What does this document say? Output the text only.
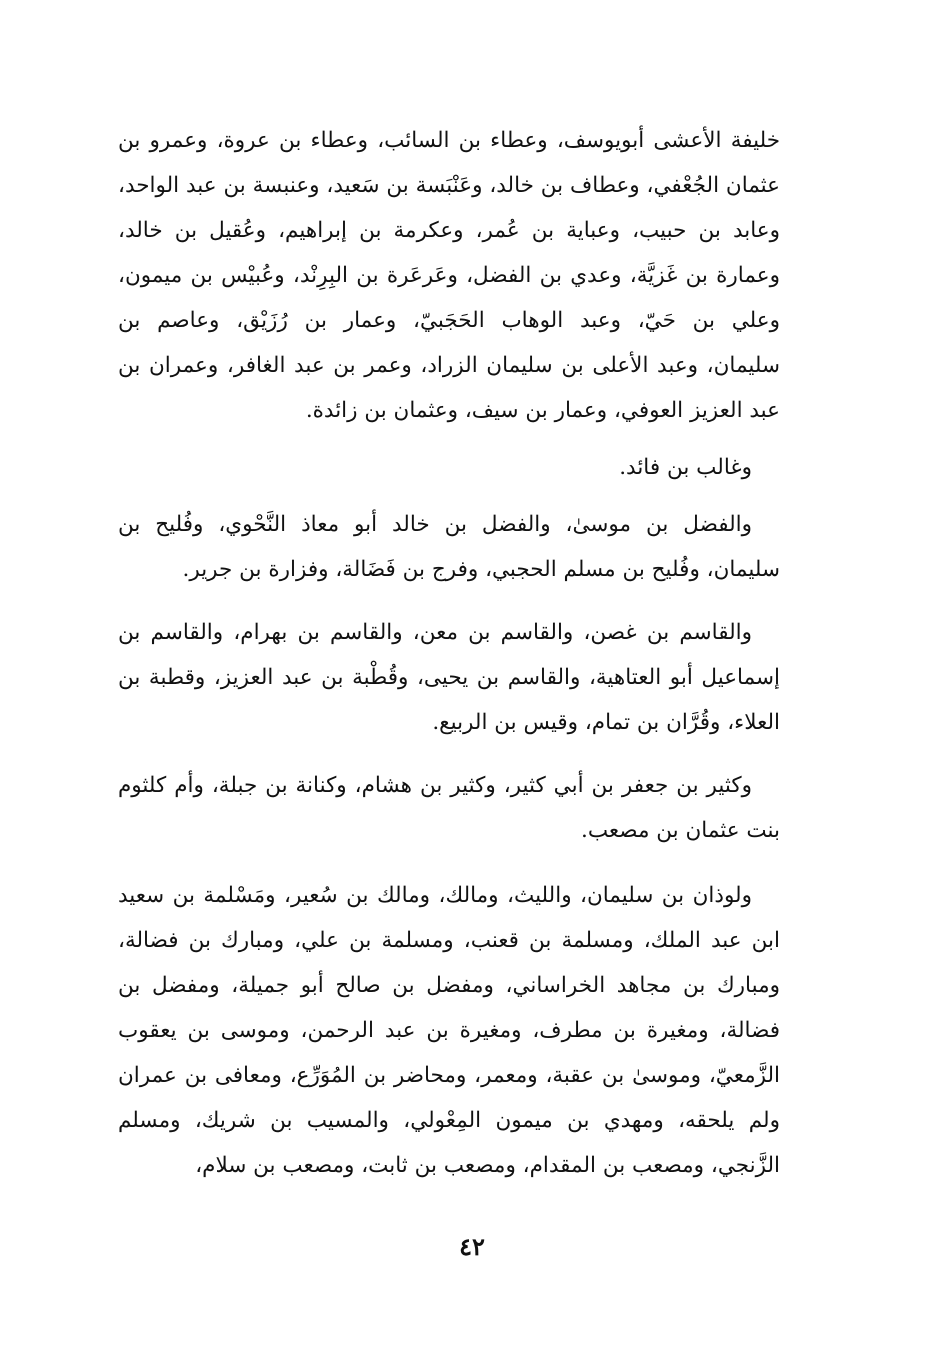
خليفة الأعشى أبويوسف، وعطاء بن السائب، وعطاء بن عروة، وعمرو بن
عثمان الجُعْفي، وعطاف بن خالد، وعَنْبَسة بن سَعيد، وعنبسة بن عبد الواحد،
وعابد بن حبيب، وعباية بن عُمر، وعكرمة بن إبراهيم، وعُقيل بن خالد،
وعمارة بن غَزيَّة، وعدي بن الفضل، وعَرعَرة بن البِرِنْد، وعُبيْس بن ميمون،
وعلي بن حَيّ، وعبد الوهاب الحَجَبيّ، وعمار بن رُزَيْق، وعاصم بن
سليمان، وعبد الأعلى بن سليمان الزراد، وعمر بن عبد الغافر، وعمران بن
عبد العزيز العوفي، وعمار بن سيف، وعثمان بن زائدة.

وغالب بن فائد.

والفضل بن موسىٰ، والفضل بن خالد أبو معاذ النَّحْوي، وفُليح بن
سليمان، وفُليح بن مسلم الحجبي، وفرج بن فَضَالة، وفزارة بن جرير.

والقاسم بن غصن، والقاسم بن معن، والقاسم بن بهرام، والقاسم بن
إسماعيل أبو العتاهية، والقاسم بن يحيى، وقُطْبة بن عبد العزيز، وقطبة بن
العلاء، وقُرَّان بن تمام، وقيس بن الربيع.

وكثير بن جعفر بن أبي كثير، وكثير بن هشام، وكنانة بن جبلة، وأم كلثوم
بنت عثمان بن مصعب.

ولوذان بن سليمان، والليث، ومالك، ومالك بن سُعير، ومَسْلمة بن سعيد
ابن عبد الملك، ومسلمة بن قعنب، ومسلمة بن علي، ومبارك بن فضالة،
ومبارك بن مجاهد الخراساني، ومفضل بن صالح أبو جميلة، ومفضل بن
فضالة، ومغيرة بن مطرف، ومغيرة بن عبد الرحمن، وموسى بن يعقوب
الزَّمعيّ، وموسىٰ بن عقبة، ومعمر، ومحاضر بن المُوَرِّع، ومعافى بن عمران
ولم يلحقه، ومهدي بن ميمون المِعْولي، والمسيب بن شريك، ومسلم
الزَّنجي، ومصعب بن المقدام، ومصعب بن ثابت، ومصعب بن سلام،

٤٢
